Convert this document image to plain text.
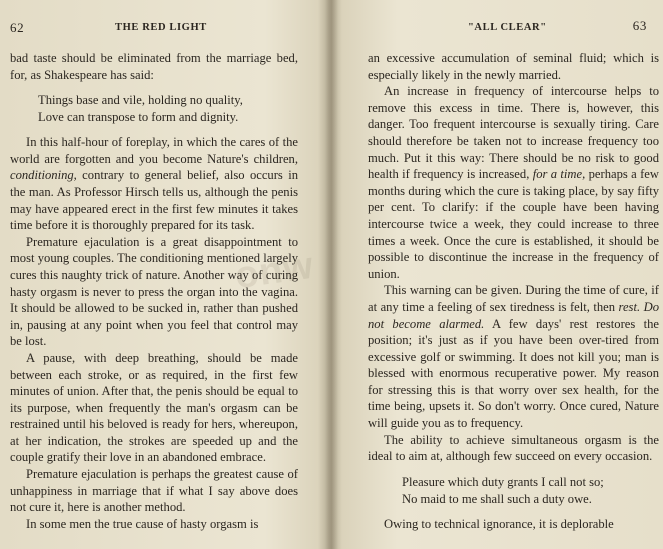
62	THE RED LIGHT

bad taste should be eliminated from the marriage bed, for, as Shakespeare has said:

Things base and vile, holding no quality,
Love can transpose to form and dignity.

In this half-hour of foreplay, in which the cares of the world are forgotten and you become Nature's children, conditioning, contrary to general belief, also occurs in the man. As Professor Hirsch tells us, although the penis may have appeared erect in the first few minutes it takes time before it is thoroughly prepared for its task.

Premature ejaculation is a great disappointment to most young couples. The conditioning mentioned largely cures this naughty trick of nature. Another way of curing hasty orgasm is never to press the organ into the vagina. It should be allowed to be sucked in, rather than pushed in, pausing at any point when you feel that control may be lost.

A pause, with deep breathing, should be made between each stroke, or as required, in the first few minutes of union. After that, the penis should be equal to its purpose, when frequently the man's orgasm can be restrained until his beloved is ready for hers, whereupon, at her indication, the strokes are speeded up and the couple gratify their love in an abandoned embrace.

Premature ejaculation is perhaps the greatest cause of unhappiness in marriage that if what I say above does not cure it, here is another method.

In some men the true cause of hasty orgasm is

"ALL CLEAR"	63

an excessive accumulation of seminal fluid; which is especially likely in the newly married.

An increase in frequency of intercourse helps to remove this excess in time. There is, however, this danger. Too frequent intercourse is sexually tiring. Care should therefore be taken not to increase frequency too much. Put it this way: There should be no risk to good health if frequency is increased, for a time, perhaps a few months during which the cure is taking place, by say fifty per cent. To clarify: if the couple have been having intercourse twice a week, they could increase to three times a week. Once the cure is established, it should be possible to discontinue the increase in the frequency of union.

This warning can be given. During the time of cure, if at any time a feeling of sex tiredness is felt, then rest. Do not become alarmed. A few days' rest restores the position; it's just as if you have been over-tired from excessive golf or swimming. It does not kill you; man is blessed with enormous recuperative power. My reason for stressing this is that worry over sex health, for the time being, upsets it. So don't worry. Once cured, Nature will guide you as to frequency.

The ability to achieve simultaneous orgasm is the ideal to aim at, although few succeed on every occasion.

Pleasure which duty grants I call not so;
No maid to me shall such a duty owe.

Owing to technical ignorance, it is deplorable

onw
